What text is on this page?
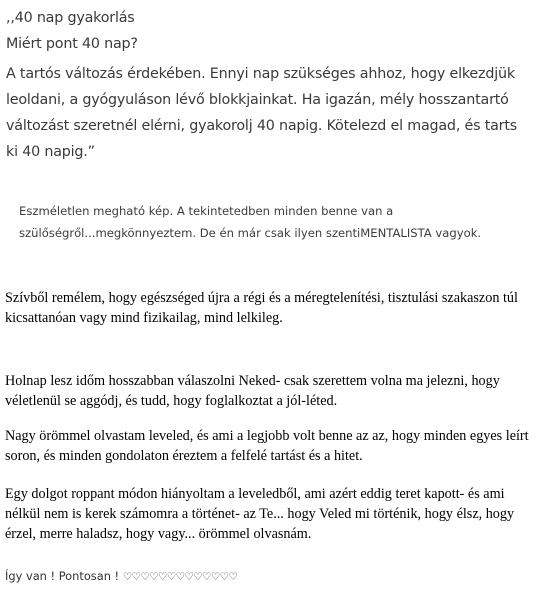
,,40 nap gyakorlás
Miért pont 40 nap?
A tartós változás érdekében. Ennyi nap szükséges ahhoz, hogy elkezdjük
leoldani, a gyógyuláson lévő blokkjainkat. Ha igazán, mély hosszantartó
változást szeretnél elérni, gyakorolj 40 napig. Kötelezd el magad, és tarts
ki 40 napig.”
Eszméletlen megható kép. A tekintetedben minden benne van a
szülőségről...megkönnyeztem. De én már csak ilyen szentiMENTALISTA vagyok.
Szívből remélem, hogy egészséged újra a régi és a méregtelenítési, tisztulási szakaszon túl
kicsattanóan vagy mind fizikailag, mind lelkileg.
Holnap lesz időm hosszabban válaszolni Neked- csak szerettem volna ma jelezni, hogy
véletlenül se aggódj, és tudd, hogy foglalkoztat a jól-léted.
Nagy örömmel olvastam leveled, és ami a legjobb volt benne az az, hogy minden egyes leírt
soron, és minden gondolaton éreztem a felfelé tartást és a hitet.
Egy dolgot roppant módon hiányoltam a leveledből, ami azért eddig teret kapott- és ami
nélkül nem is kerek számomra a történet- az Te... hogy Veled mi történik, hogy élsz, hogy
érzel, merre haladsz, hogy vagy... örömmel olvasnám.
Így van ! Pontosan ! ♡♡♡♡♡♡♡♡♡♡♡♡♡
